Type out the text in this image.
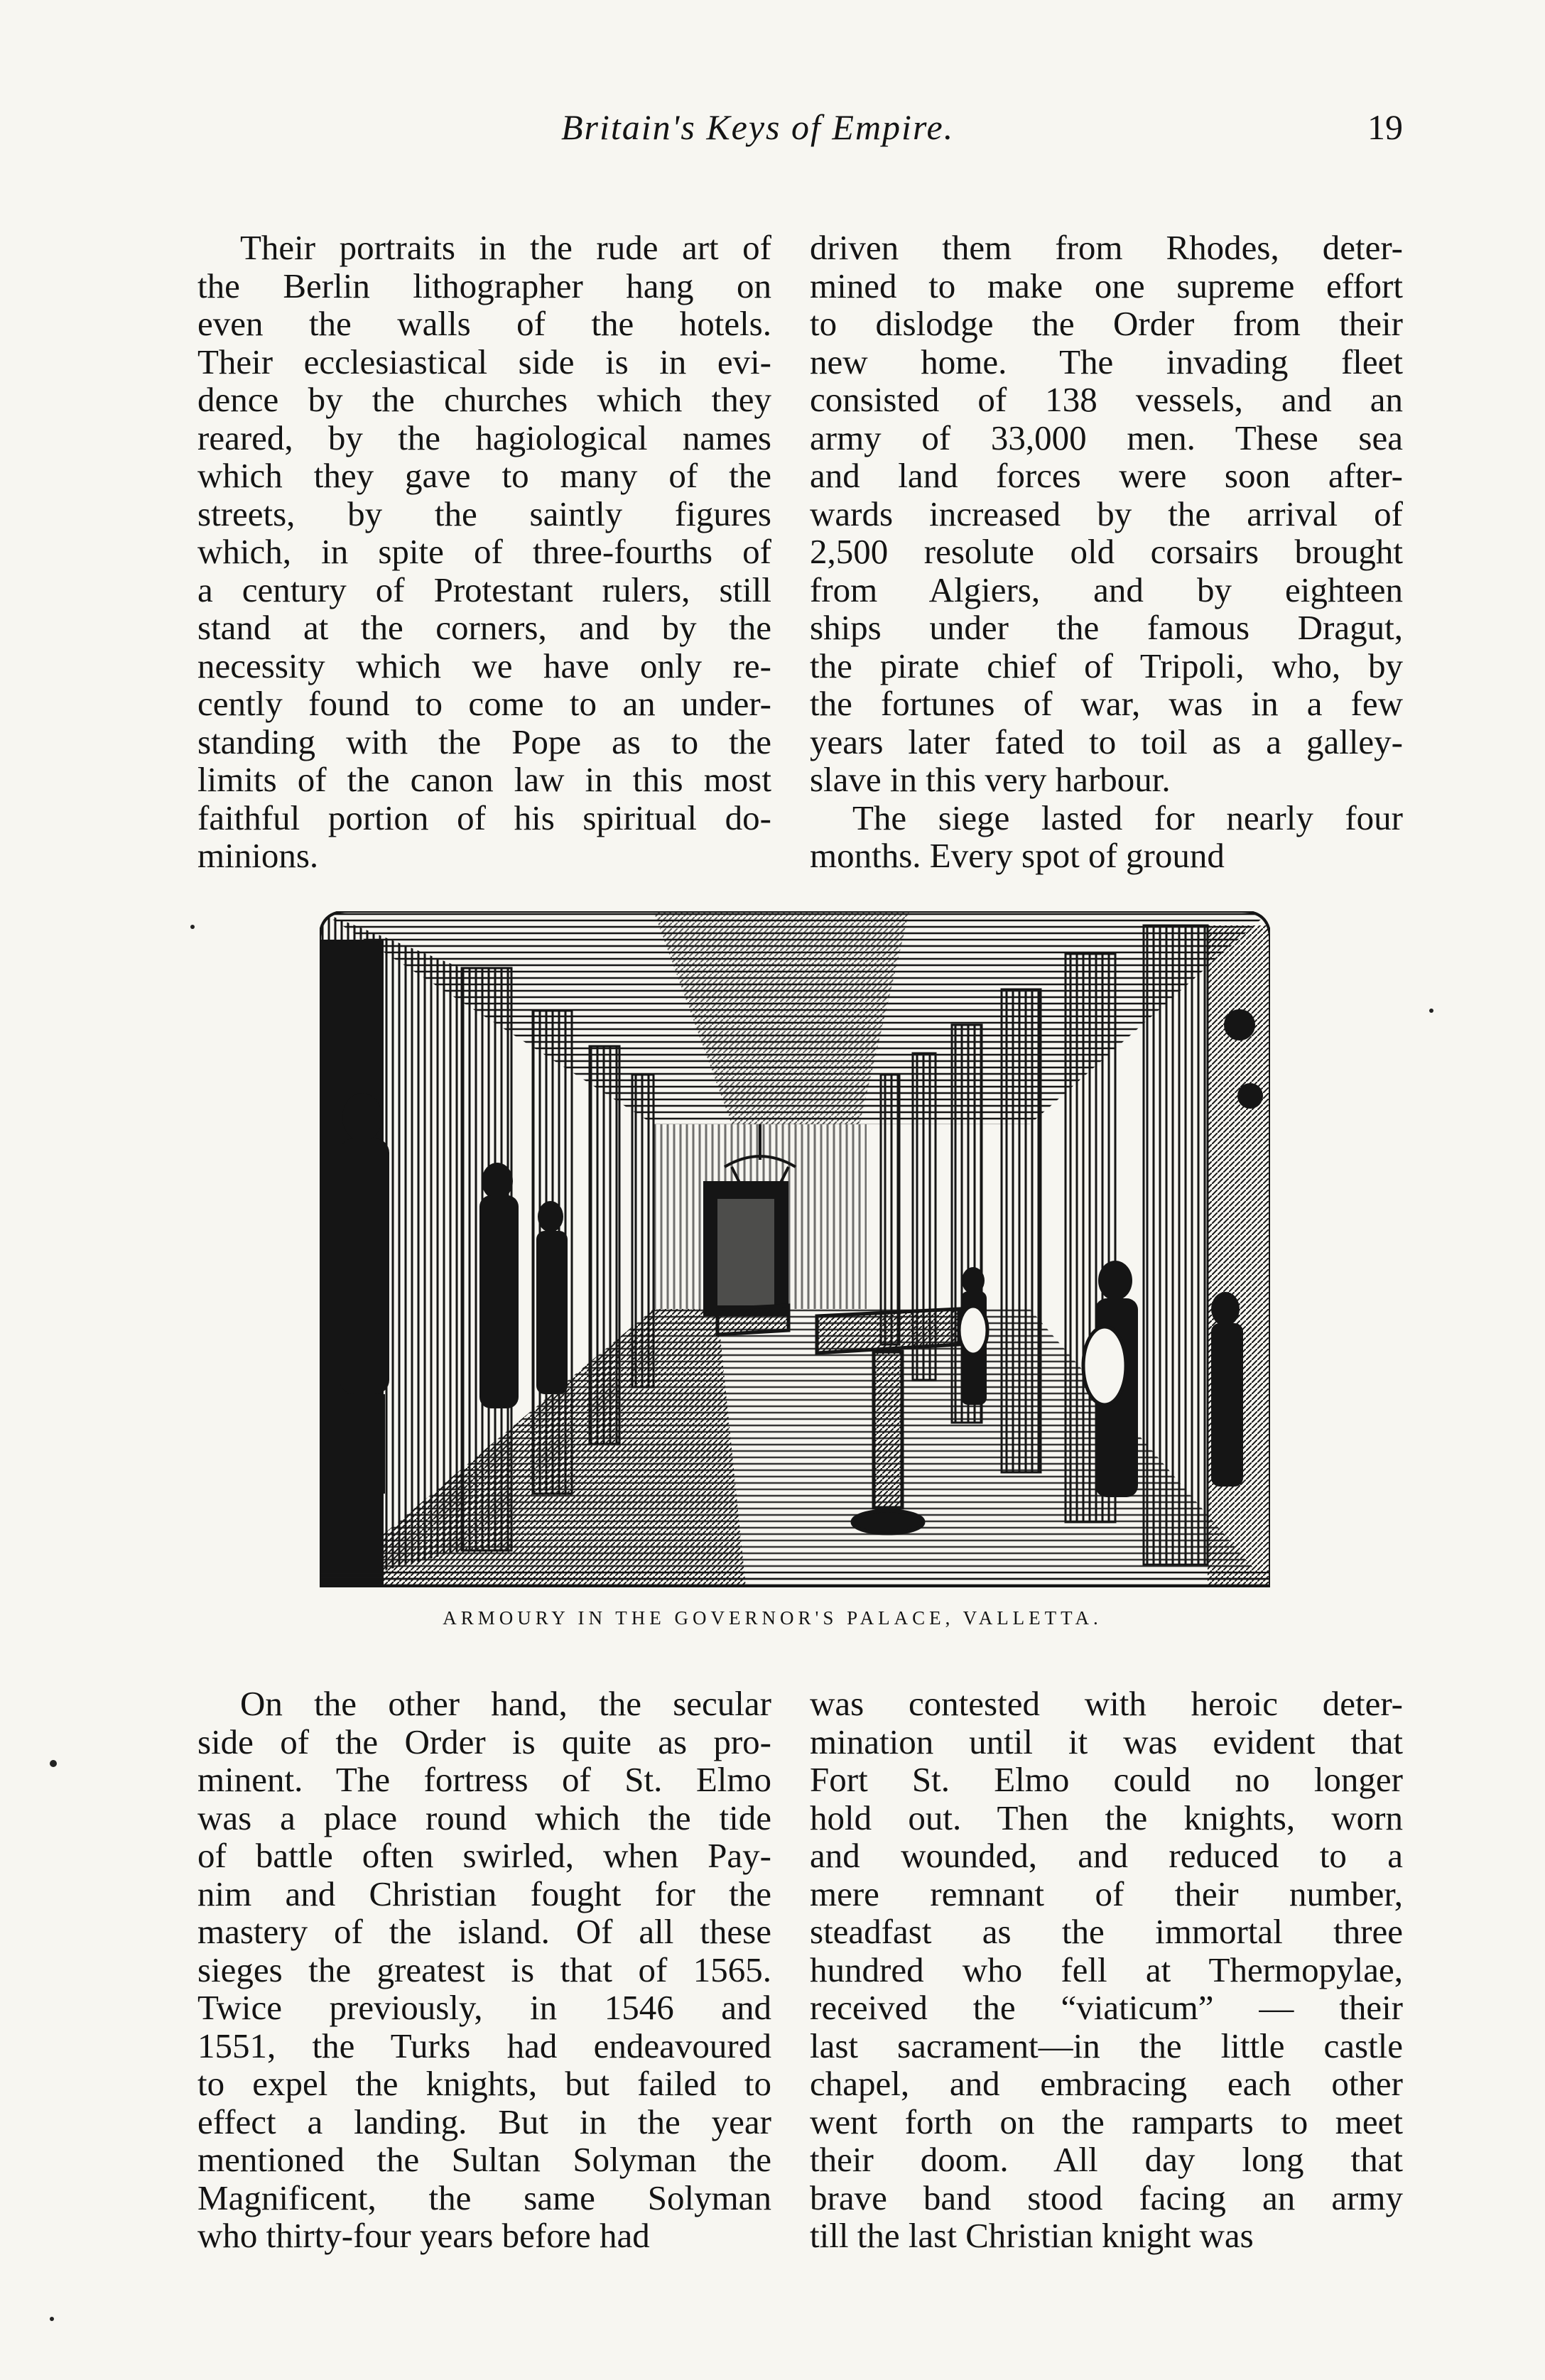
Britain's Keys of Empire.	19
Their portraits in the rude art of
the Berlin lithographer hang on
even the walls of the hotels.
Their ecclesiastical side is in evi-
dence by the churches which they
reared, by the hagiological names
which they gave to many of the
streets, by the saintly figures
which, in spite of three-fourths of
a century of Protestant rulers, still
stand at the corners, and by the
necessity which we have only re-
cently found to come to an under-
standing with the Pope as to the
limits of the canon law in this most
faithful portion of his spiritual do-
minions.
driven them from Rhodes, deter-
mined to make one supreme effort
to dislodge the Order from their
new home. The invading fleet
consisted of 138 vessels, and an
army of 33,000 men. These sea
and land forces were soon after-
wards increased by the arrival of
2,500 resolute old corsairs brought
from Algiers, and by eighteen
ships under the famous Dragut,
the pirate chief of Tripoli, who, by
the fortunes of war, was in a few
years later fated to toil as a galley-
slave in this very harbour.
The siege lasted for nearly four
months. Every spot of ground
ARMOURY IN THE GOVERNOR'S PALACE, VALLETTA.
On the other hand, the secular
side of the Order is quite as pro-
minent. The fortress of St. Elmo
was a place round which the tide
of battle often swirled, when Pay-
nim and Christian fought for the
mastery of the island. Of all these
sieges the greatest is that of 1565.
Twice previously, in 1546 and
1551, the Turks had endeavoured
to expel the knights, but failed to
effect a landing. But in the year
mentioned the Sultan Solyman the
Magnificent, the same Solyman
who thirty-four years before had
was contested with heroic deter-
mination until it was evident that
Fort St. Elmo could no longer
hold out. Then the knights, worn
and wounded, and reduced to a
mere remnant of their number,
steadfast as the immortal three
hundred who fell at Thermopylae,
received the “viaticum” — their
last sacrament—in the little castle
chapel, and embracing each other
went forth on the ramparts to meet
their doom. All day long that
brave band stood facing an army
till the last Christian knight was
